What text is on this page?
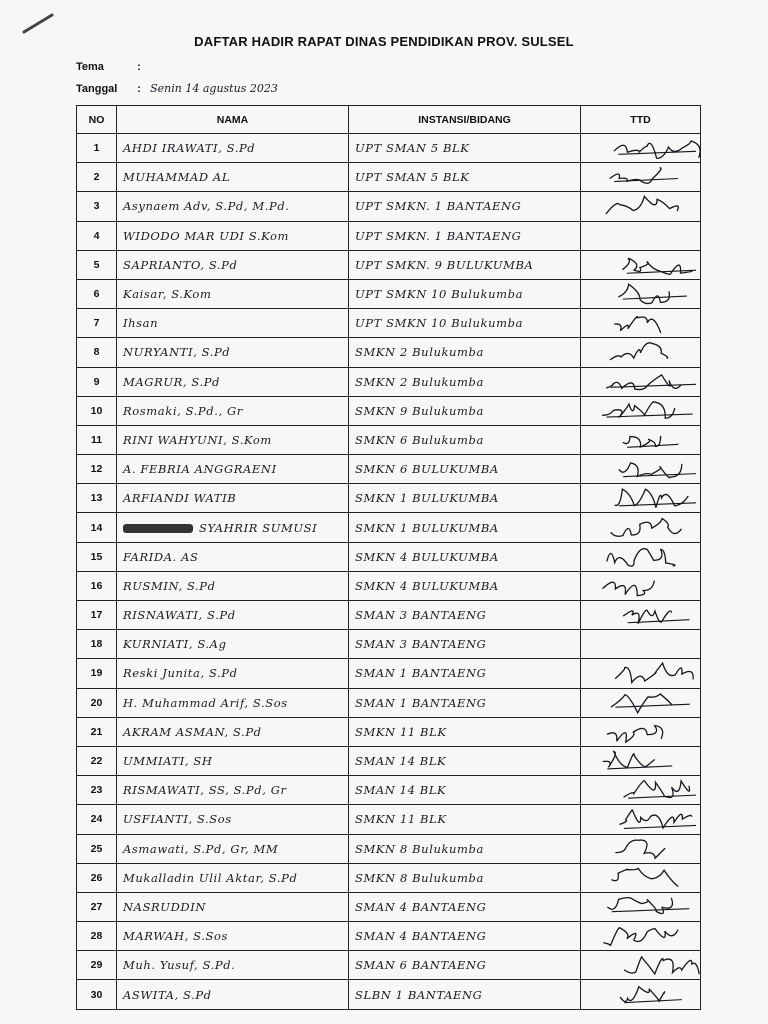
DAFTAR HADIR RAPAT DINAS PENDIDIKAN PROV. SULSEL
Tema	:
Tanggal : Senin 14 agustus 2023
NO	NAMA	INSTANSI/BIDANG	TTD
1	AHDI IRAWATI, S.Pd	UPT SMAN 5 BLK	

2	MUHAMMAD AL	UPT SMAN 5 BLK	

3	Asynaem Adv, S.Pd, M.Pd.	UPT SMKN. 1 BANTAENG	

4	WIDODO MAR UDI S.Kom	UPT SMKN. 1 BANTAENG	
5	SAPRIANTO, S.Pd	UPT SMKN. 9 BULUKUMBA	

6	Kaisar, S.Kom	UPT SMKN 10 Bulukumba	

7	Ihsan	UPT SMKN 10 Bulukumba	

8	NURYANTI, S.Pd	SMKN 2 Bulukumba	

9	MAGRUR, S.Pd	SMKN 2 Bulukumba	

10	Rosmaki, S.Pd., Gr	SMKN 9 Bulukumba	

11	RINI WAHYUNI, S.Kom	SMKN 6 Bulukumba	

12	A. FEBRIA ANGGRAENI	SMKN 6 BULUKUMBA	

13	ARFIANDI WATIB	SMKN 1 BULUKUMBA	

14	SYAHRIR SUMUSI	SMKN 1 BULUKUMBA	

15	FARIDA. AS	SMKN 4 BULUKUMBA	

16	RUSMIN, S.Pd	SMKN 4 BULUKUMBA	

17	RISNAWATI, S.Pd	SMAN 3 BANTAENG	

18	KURNIATI, S.Ag	SMAN 3 BANTAENG	
19	Reski Junita, S.Pd	SMAN 1 BANTAENG	

20	H. Muhammad Arif, S.Sos	SMAN 1 BANTAENG	

21	AKRAM ASMAN, S.Pd	SMKN 11 BLK	

22	UMMIATI, SH	SMAN 14 BLK	

23	RISMAWATI, SS, S.Pd, Gr	SMAN 14 BLK	

24	USFIANTI, S.Sos	SMKN 11 BLK	

25	Asmawati, S.Pd, Gr, MM	SMKN 8 Bulukumba	

26	Mukalladin Ulil Aktar, S.Pd	SMKN 8 Bulukumba	

27	NASRUDDIN	SMAN 4 BANTAENG	

28	MARWAH, S.Sos	SMAN 4 BANTAENG	

29	Muh. Yusuf, S.Pd.	SMAN 6 BANTAENG	

30	ASWITA, S.Pd	SLBN 1 BANTAENG	
